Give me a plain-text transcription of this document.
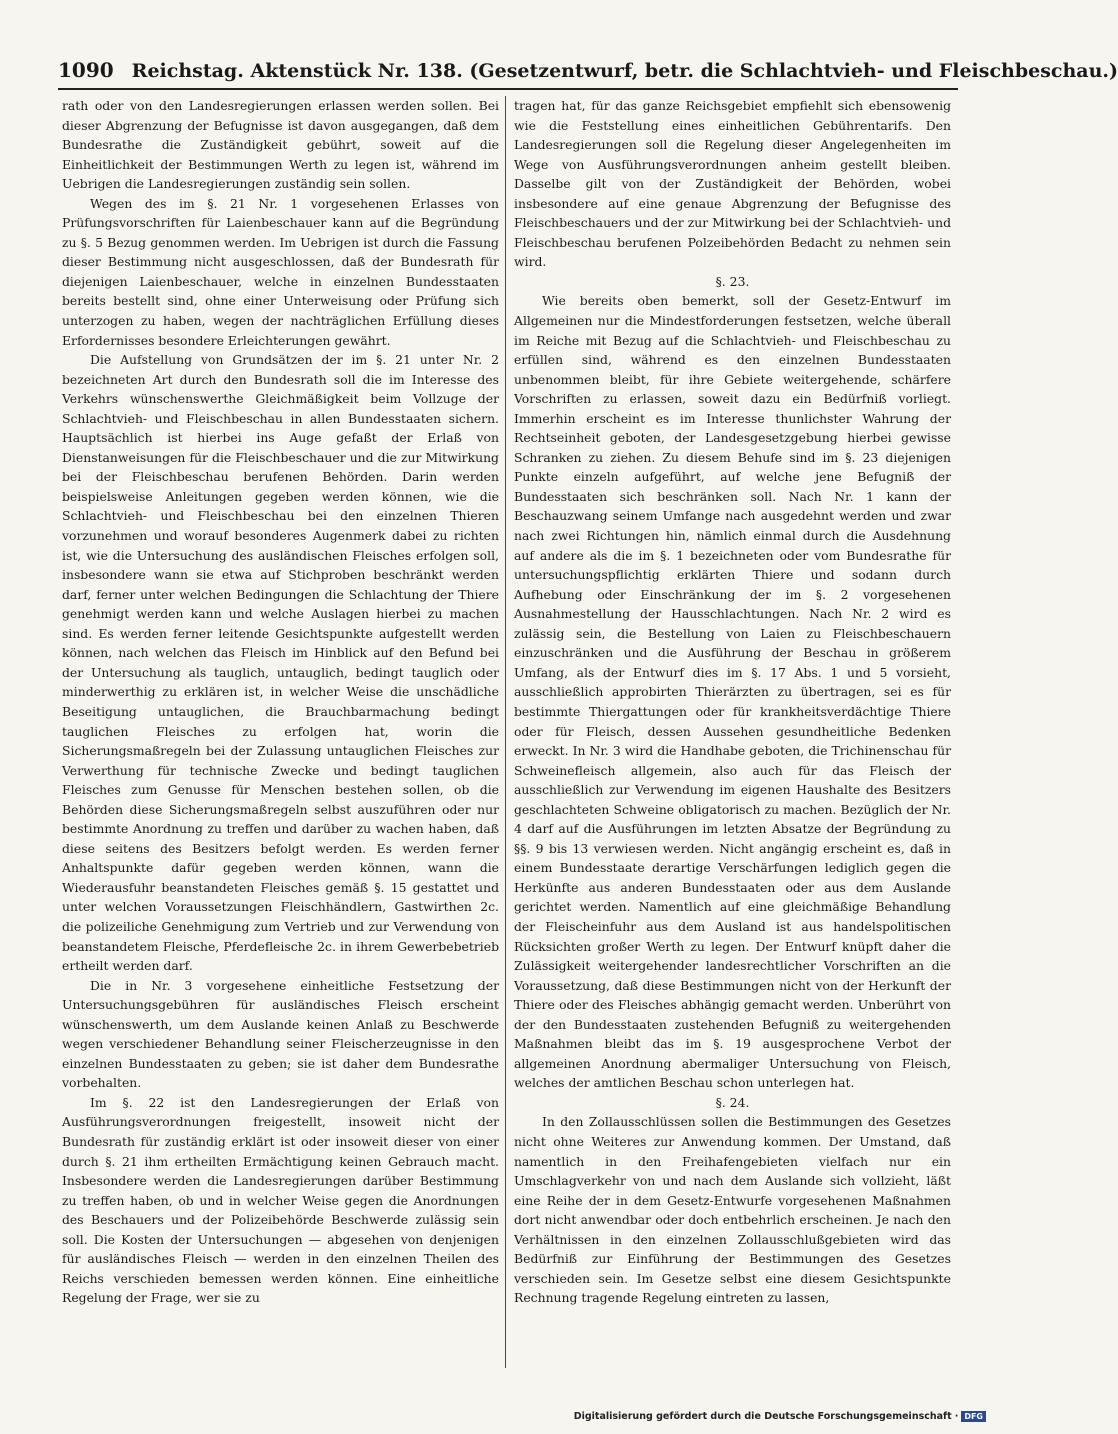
1090 Reichstag. Aktenstück Nr. 138. (Gesetzentwurf, betr. die Schlachtvieh- und Fleischbeschau.)

rath oder von den Landesregierungen erlassen werden sollen. Bei dieser Abgrenzung der Befugnisse ist davon ausgegangen, daß dem Bundesrathe die Zuständigkeit gebührt, soweit auf die Einheitlichkeit der Bestimmungen Werth zu legen ist, während im Uebrigen die Landesregierungen zuständig sein sollen.

Wegen des im §. 21 Nr. 1 vorgesehenen Erlasses von Prüfungsvorschriften für Laienbeschauer kann auf die Begründung zu §. 5 Bezug genommen werden. Im Uebrigen ist durch die Fassung dieser Bestimmung nicht ausgeschlossen, daß der Bundesrath für diejenigen Laienbeschauer, welche in einzelnen Bundesstaaten bereits bestellt sind, ohne einer Unterweisung oder Prüfung sich unterzogen zu haben, wegen der nachträglichen Erfüllung dieses Erfordernisses besondere Erleichterungen gewährt.

Die Aufstellung von Grundsätzen der im §. 21 unter Nr. 2 bezeichneten Art durch den Bundesrath soll die im Interesse des Verkehrs wünschenswerthe Gleichmäßigkeit beim Vollzuge der Schlachtvieh- und Fleischbeschau in allen Bundesstaaten sichern. Hauptsächlich ist hierbei ins Auge gefaßt der Erlaß von Dienstanweisungen für die Fleischbeschauer und die zur Mitwirkung bei der Fleischbeschau berufenen Behörden. Darin werden beispielsweise Anleitungen gegeben werden können, wie die Schlachtvieh- und Fleischbeschau bei den einzelnen Thieren vorzunehmen und worauf besonderes Augenmerk dabei zu richten ist, wie die Untersuchung des ausländischen Fleisches erfolgen soll, insbesondere wann sie etwa auf Stichproben beschränkt werden darf, ferner unter welchen Bedingungen die Schlachtung der Thiere genehmigt werden kann und welche Auslagen hierbei zu machen sind. Es werden ferner leitende Gesichtspunkte aufgestellt werden können, nach welchen das Fleisch im Hinblick auf den Befund bei der Untersuchung als tauglich, untauglich, bedingt tauglich oder minderwerthig zu erklären ist, in welcher Weise die unschädliche Beseitigung untauglichen, die Brauchbarmachung bedingt tauglichen Fleisches zu erfolgen hat, worin die Sicherungsmaßregeln bei der Zulassung untauglichen Fleisches zur Verwerthung für technische Zwecke und bedingt tauglichen Fleisches zum Genusse für Menschen bestehen sollen, ob die Behörden diese Sicherungsmaßregeln selbst auszuführen oder nur bestimmte Anordnung zu treffen und darüber zu wachen haben, daß diese seitens des Besitzers befolgt werden. Es werden ferner Anhaltspunkte dafür gegeben werden können, wann die Wiederausfuhr beanstandeten Fleisches gemäß §. 15 gestattet und unter welchen Voraussetzungen Fleischhändlern, Gastwirthen 2c. die polizeiliche Genehmigung zum Vertrieb und zur Verwendung von beanstandetem Fleische, Pferdefleische 2c. in ihrem Gewerbebetrieb ertheilt werden darf.

Die in Nr. 3 vorgesehene einheitliche Festsetzung der Untersuchungsgebühren für ausländisches Fleisch erscheint wünschenswerth, um dem Auslande keinen Anlaß zu Beschwerde wegen verschiedener Behandlung seiner Fleischerzeugnisse in den einzelnen Bundesstaaten zu geben; sie ist daher dem Bundesrathe vorbehalten.

Im §. 22 ist den Landesregierungen der Erlaß von Ausführungsverordnungen freigestellt, insoweit nicht der Bundesrath für zuständig erklärt ist oder insoweit dieser von einer durch §. 21 ihm ertheilten Ermächtigung keinen Gebrauch macht. Insbesondere werden die Landesregierungen darüber Bestimmung zu treffen haben, ob und in welcher Weise gegen die Anordnungen des Beschauers und der Polizeibehörde Beschwerde zulässig sein soll. Die Kosten der Untersuchungen — abgesehen von denjenigen für ausländisches Fleisch — werden in den einzelnen Theilen des Reichs verschieden bemessen werden können. Eine einheitliche Regelung der Frage, wer sie zu

tragen hat, für das ganze Reichsgebiet empfiehlt sich ebensowenig wie die Feststellung eines einheitlichen Gebührentarifs. Den Landesregierungen soll die Regelung dieser Angelegenheiten im Wege von Ausführungsverordnungen anheim gestellt bleiben. Dasselbe gilt von der Zuständigkeit der Behörden, wobei insbesondere auf eine genaue Abgrenzung der Befugnisse des Fleischbeschauers und der zur Mitwirkung bei der Schlachtvieh- und Fleischbeschau berufenen Polzeibehörden Bedacht zu nehmen sein wird.

§. 23.

Wie bereits oben bemerkt, soll der Gesetz-Entwurf im Allgemeinen nur die Mindestforderungen festsetzen, welche überall im Reiche mit Bezug auf die Schlachtvieh- und Fleischbeschau zu erfüllen sind, während es den einzelnen Bundesstaaten unbenommen bleibt, für ihre Gebiete weitergehende, schärfere Vorschriften zu erlassen, soweit dazu ein Bedürfniß vorliegt. Immerhin erscheint es im Interesse thunlichster Wahrung der Rechtseinheit geboten, der Landesgesetzgebung hierbei gewisse Schranken zu ziehen. Zu diesem Behufe sind im §. 23 diejenigen Punkte einzeln aufgeführt, auf welche jene Befugniß der Bundesstaaten sich beschränken soll. Nach Nr. 1 kann der Beschauzwang seinem Umfange nach ausgedehnt werden und zwar nach zwei Richtungen hin, nämlich einmal durch die Ausdehnung auf andere als die im §. 1 bezeichneten oder vom Bundesrathe für untersuchungspflichtig erklärten Thiere und sodann durch Aufhebung oder Einschränkung der im §. 2 vorgesehenen Ausnahmestellung der Hausschlachtungen. Nach Nr. 2 wird es zulässig sein, die Bestellung von Laien zu Fleischbeschauern einzuschränken und die Ausführung der Beschau in größerem Umfang, als der Entwurf dies im §. 17 Abs. 1 und 5 vorsieht, ausschließlich approbirten Thierärzten zu übertragen, sei es für bestimmte Thiergattungen oder für krankheitsverdächtige Thiere oder für Fleisch, dessen Aussehen gesundheitliche Bedenken erweckt. In Nr. 3 wird die Handhabe geboten, die Trichinenschau für Schweinefleisch allgemein, also auch für das Fleisch der ausschließlich zur Verwendung im eigenen Haushalte des Besitzers geschlachteten Schweine obligatorisch zu machen. Bezüglich der Nr. 4 darf auf die Ausführungen im letzten Absatze der Begründung zu §§. 9 bis 13 verwiesen werden. Nicht angängig erscheint es, daß in einem Bundesstaate derartige Verschärfungen lediglich gegen die Herkünfte aus anderen Bundesstaaten oder aus dem Auslande gerichtet werden. Namentlich auf eine gleichmäßige Behandlung der Fleischeinfuhr aus dem Ausland ist aus handelspolitischen Rücksichten großer Werth zu legen. Der Entwurf knüpft daher die Zulässigkeit weitergehender landesrechtlicher Vorschriften an die Voraussetzung, daß diese Bestimmungen nicht von der Herkunft der Thiere oder des Fleisches abhängig gemacht werden. Unberührt von der den Bundesstaaten zustehenden Befugniß zu weitergehenden Maßnahmen bleibt das im §. 19 ausgesprochene Verbot der allgemeinen Anordnung abermaliger Untersuchung von Fleisch, welches der amtlichen Beschau schon unterlegen hat.

§. 24.

In den Zollausschlüssen sollen die Bestimmungen des Gesetzes nicht ohne Weiteres zur Anwendung kommen. Der Umstand, daß namentlich in den Freihafengebieten vielfach nur ein Umschlagverkehr von und nach dem Auslande sich vollzieht, läßt eine Reihe der in dem Gesetz-Entwurfe vorgesehenen Maßnahmen dort nicht anwendbar oder doch entbehrlich erscheinen. Je nach den Verhältnissen in den einzelnen Zollausschlußgebieten wird das Bedürfniß zur Einführung der Bestimmungen des Gesetzes verschieden sein. Im Gesetze selbst eine diesem Gesichtspunkte Rechnung tragende Regelung eintreten zu lassen,

Digitalisierung gefördert durch die Deutsche Forschungsgemeinschaft · DFG
